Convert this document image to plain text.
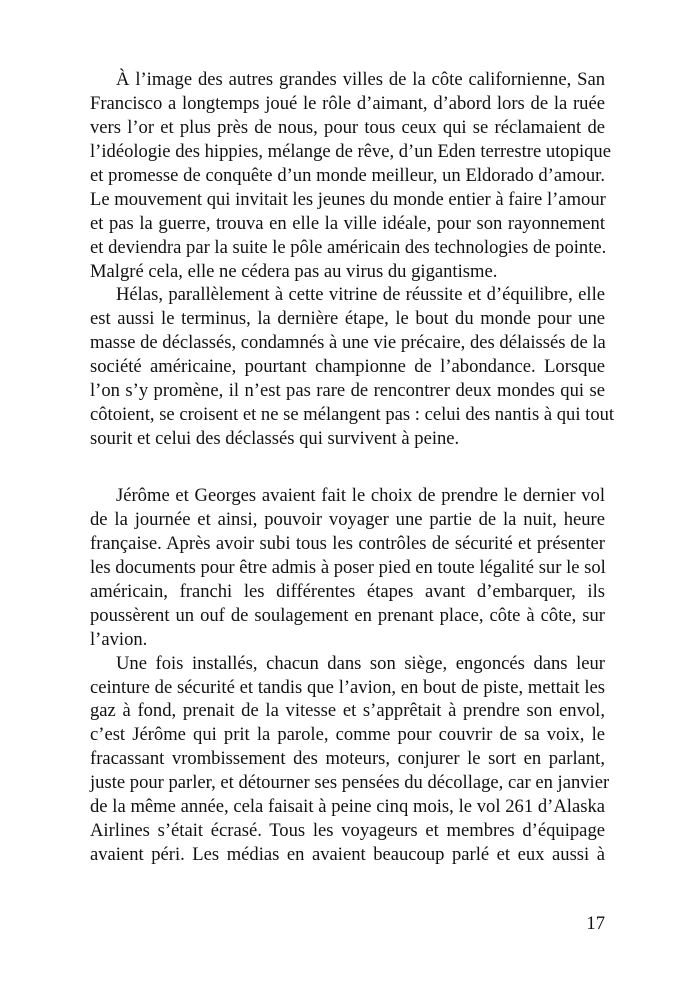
À l’image des autres grandes villes de la côte californienne, San
Francisco a longtemps joué le rôle d’aimant, d’abord lors de la ruée
vers l’or et plus près de nous, pour tous ceux qui se réclamaient de
l’idéologie des hippies, mélange de rêve, d’un Eden terrestre utopique
et promesse de conquête d’un monde meilleur, un Eldorado d’amour.
Le mouvement qui invitait les jeunes du monde entier à faire l’amour
et pas la guerre, trouva en elle la ville idéale, pour son rayonnement
et deviendra par la suite le pôle américain des technologies de pointe.
Malgré cela, elle ne cédera pas au virus du gigantisme.
Hélas, parallèlement à cette vitrine de réussite et d’équilibre, elle
est aussi le terminus, la dernière étape, le bout du monde pour une
masse de déclassés, condamnés à une vie précaire, des délaissés de la
société américaine, pourtant championne de l’abondance. Lorsque
l’on s’y promène, il n’est pas rare de rencontrer deux mondes qui se
côtoient, se croisent et ne se mélangent pas : celui des nantis à qui tout
sourit et celui des déclassés qui survivent à peine.
Jérôme et Georges avaient fait le choix de prendre le dernier vol
de la journée et ainsi, pouvoir voyager une partie de la nuit, heure
française. Après avoir subi tous les contrôles de sécurité et présenter
les documents pour être admis à poser pied en toute légalité sur le sol
américain, franchi les différentes étapes avant d’embarquer, ils
poussèrent un ouf de soulagement en prenant place, côte à côte, sur
l’avion.
Une fois installés, chacun dans son siège, engoncés dans leur
ceinture de sécurité et tandis que l’avion, en bout de piste, mettait les
gaz à fond, prenait de la vitesse et s’apprêtait à prendre son envol,
c’est Jérôme qui prit la parole, comme pour couvrir de sa voix, le
fracassant vrombissement des moteurs, conjurer le sort en parlant,
juste pour parler, et détourner ses pensées du décollage, car en janvier
de la même année, cela faisait à peine cinq mois, le vol 261 d’Alaska
Airlines s’était écrasé. Tous les voyageurs et membres d’équipage
avaient péri. Les médias en avaient beaucoup parlé et eux aussi à
17
